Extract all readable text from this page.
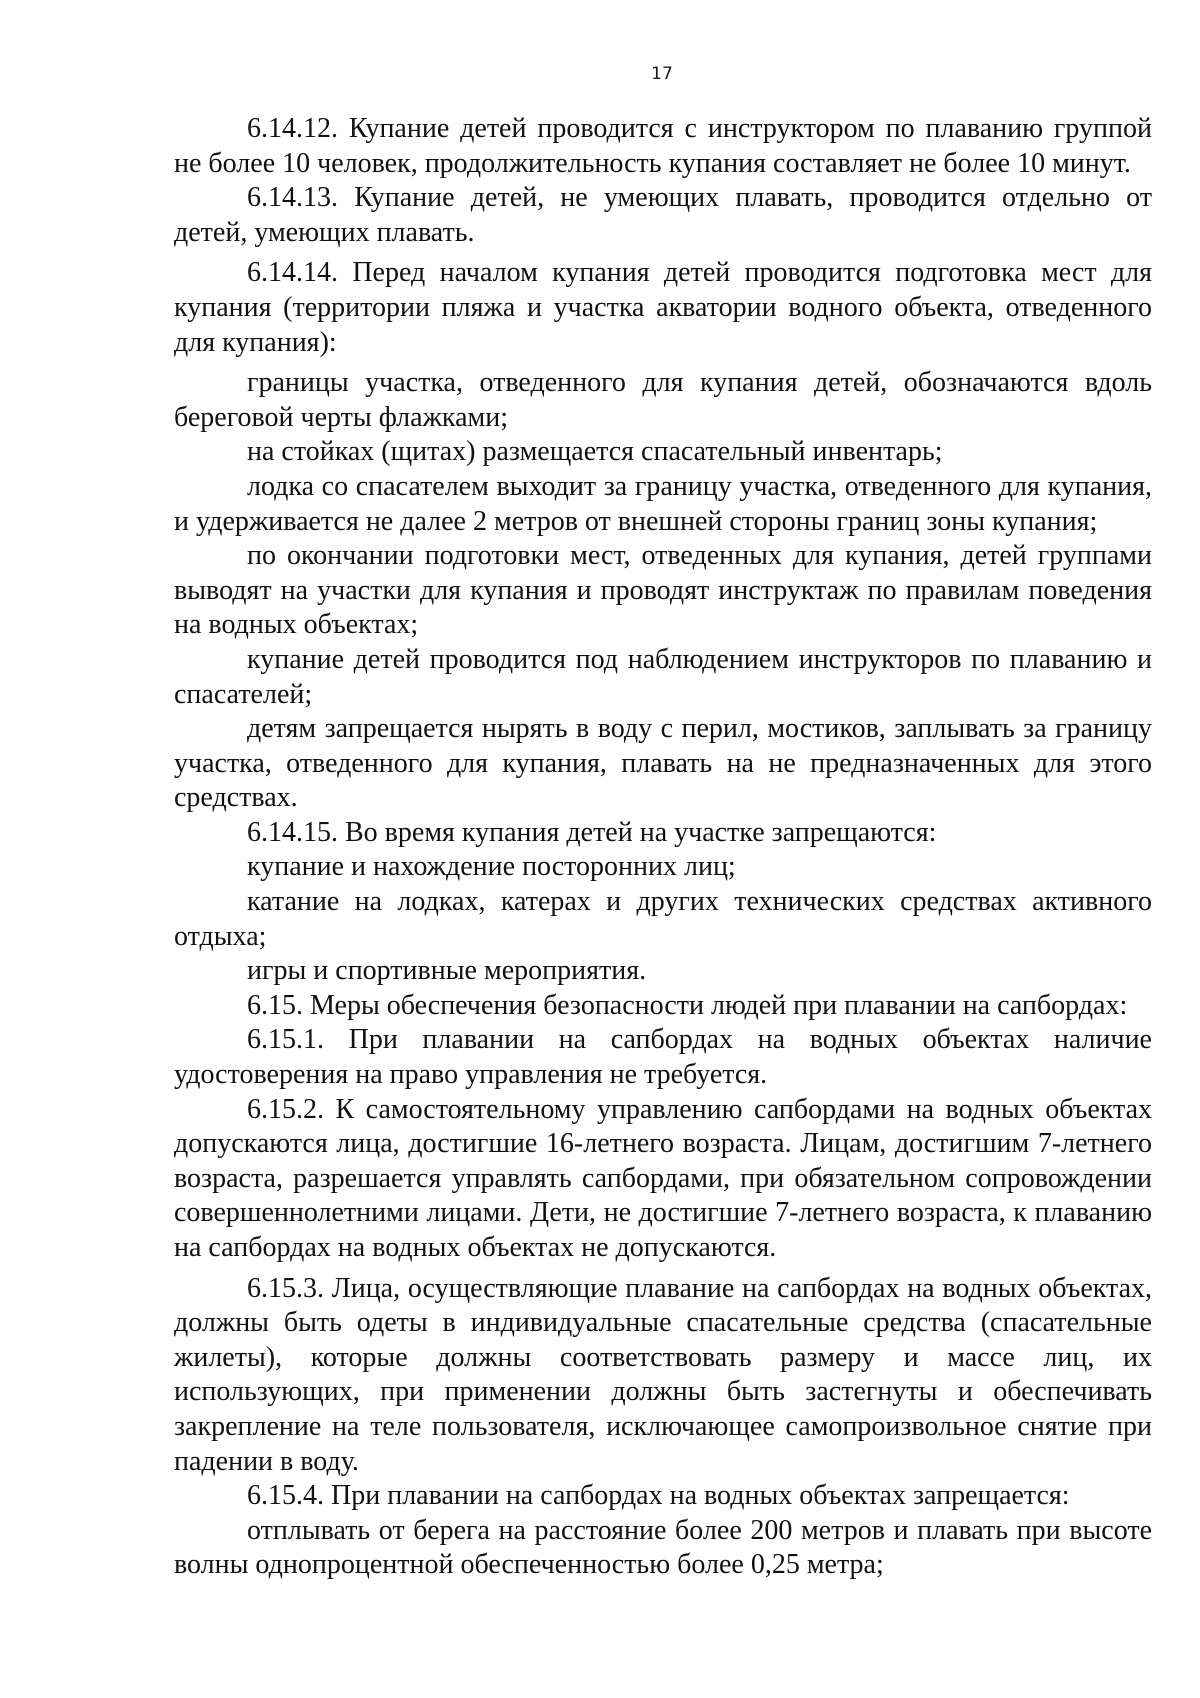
17

6.14.12. Купание детей проводится с инструктором по плаванию группой не более 10 человек, продолжительность купания составляет не более 10 минут.

6.14.13. Купание детей, не умеющих плавать, проводится отдельно от детей, умеющих плавать.

6.14.14. Перед началом купания детей проводится подготовка мест для купания (территории пляжа и участка акватории водного объекта, отведенного для купания):

границы участка, отведенного для купания детей, обозначаются вдоль береговой черты флажками;

на стойках (щитах) размещается спасательный инвентарь;

лодка со спасателем выходит за границу участка, отведенного для купания, и удерживается не далее 2 метров от внешней стороны границ зоны купания;

по окончании подготовки мест, отведенных для купания, детей группами выводят на участки для купания и проводят инструктаж по правилам поведения на водных объектах;

купание детей проводится под наблюдением инструкторов по плаванию и спасателей;

детям запрещается нырять в воду с перил, мостиков, заплывать за границу участка, отведенного для купания, плавать на не предназначенных для этого средствах.

6.14.15. Во время купания детей на участке запрещаются:

купание и нахождение посторонних лиц;

катание на лодках, катерах и других технических средствах активного отдыха;

игры и спортивные мероприятия.

6.15. Меры обеспечения безопасности людей при плавании на сапбордах:

6.15.1. При плавании на сапбордах на водных объектах наличие удостоверения на право управления не требуется.

6.15.2. К самостоятельному управлению сапбордами на водных объектах допускаются лица, достигшие 16-летнего возраста. Лицам, достигшим 7-летнего возраста, разрешается управлять сапбордами, при обязательном сопровождении совершеннолетними лицами. Дети, не достигшие 7-летнего возраста, к плаванию на сапбордах на водных объектах не допускаются.

6.15.3. Лица, осуществляющие плавание на сапбордах на водных объектах, должны быть одеты в индивидуальные спасательные средства (спасательные жилеты), которые должны соответствовать размеру и массе лиц, их использующих, при применении должны быть застегнуты и обеспечивать закрепление на теле пользователя, исключающее самопроизвольное снятие при падении в воду.

6.15.4. При плавании на сапбордах на водных объектах запрещается:

отплывать от берега на расстояние более 200 метров и плавать при высоте волны однопроцентной обеспеченностью более 0,25 метра;
